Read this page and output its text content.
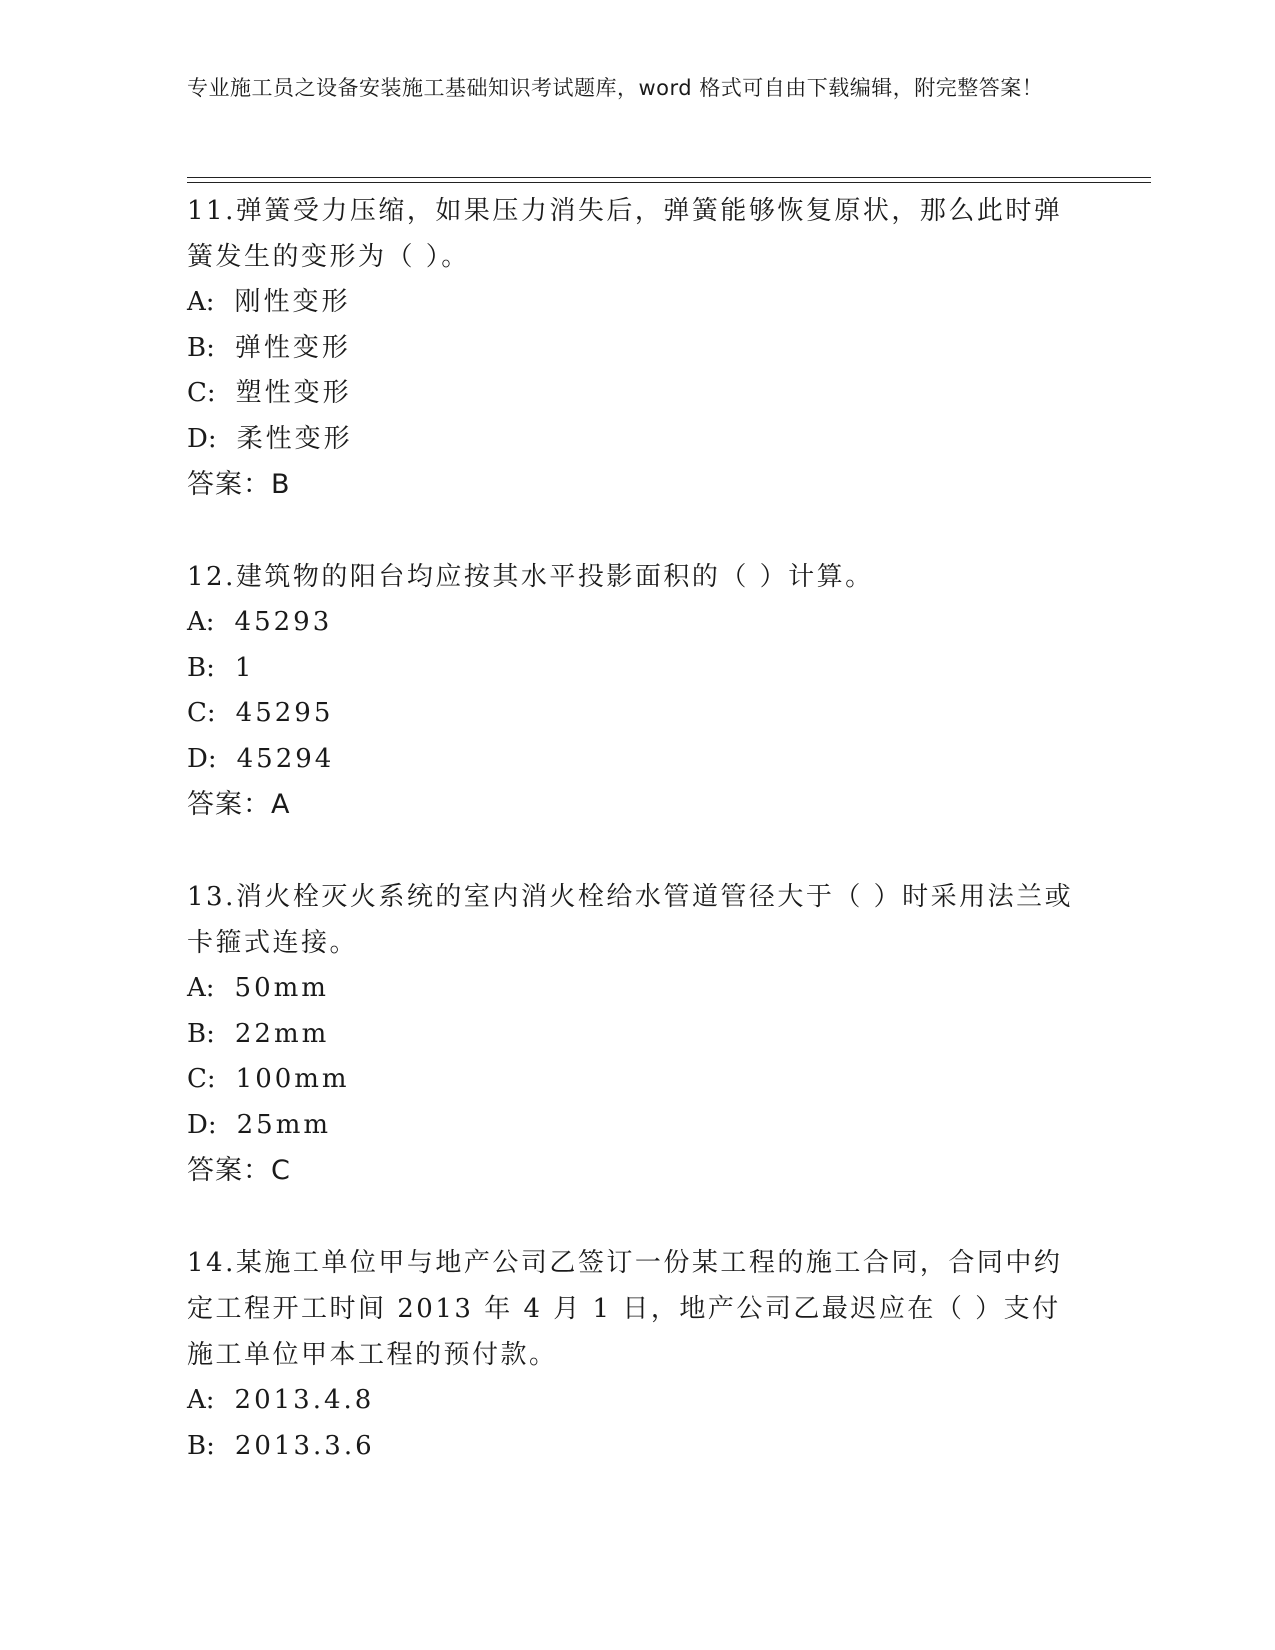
专业施工员之设备安装施工基础知识考试题库，word 格式可自由下载编辑，附完整答案！

11.弹簧受力压缩，如果压力消失后，弹簧能够恢复原状，那么此时弹簧发生的变形为（ ）。

A: 刚性变形

B: 弹性变形

C: 塑性变形

D: 柔性变形

答案：B

12.建筑物的阳台均应按其水平投影面积的（ ）计算。

A: 45293

B: 1

C: 45295

D: 45294

答案：A

13.消火栓灭火系统的室内消火栓给水管道管径大于（ ）时采用法兰或卡箍式连接。

A: 50mm

B: 22mm

C: 100mm

D: 25mm

答案：C

14.某施工单位甲与地产公司乙签订一份某工程的施工合同，合同中约定工程开工时间 2013 年 4 月 1 日，地产公司乙最迟应在（ ）支付施工单位甲本工程的预付款。

A: 2013.4.8

B: 2013.3.6
